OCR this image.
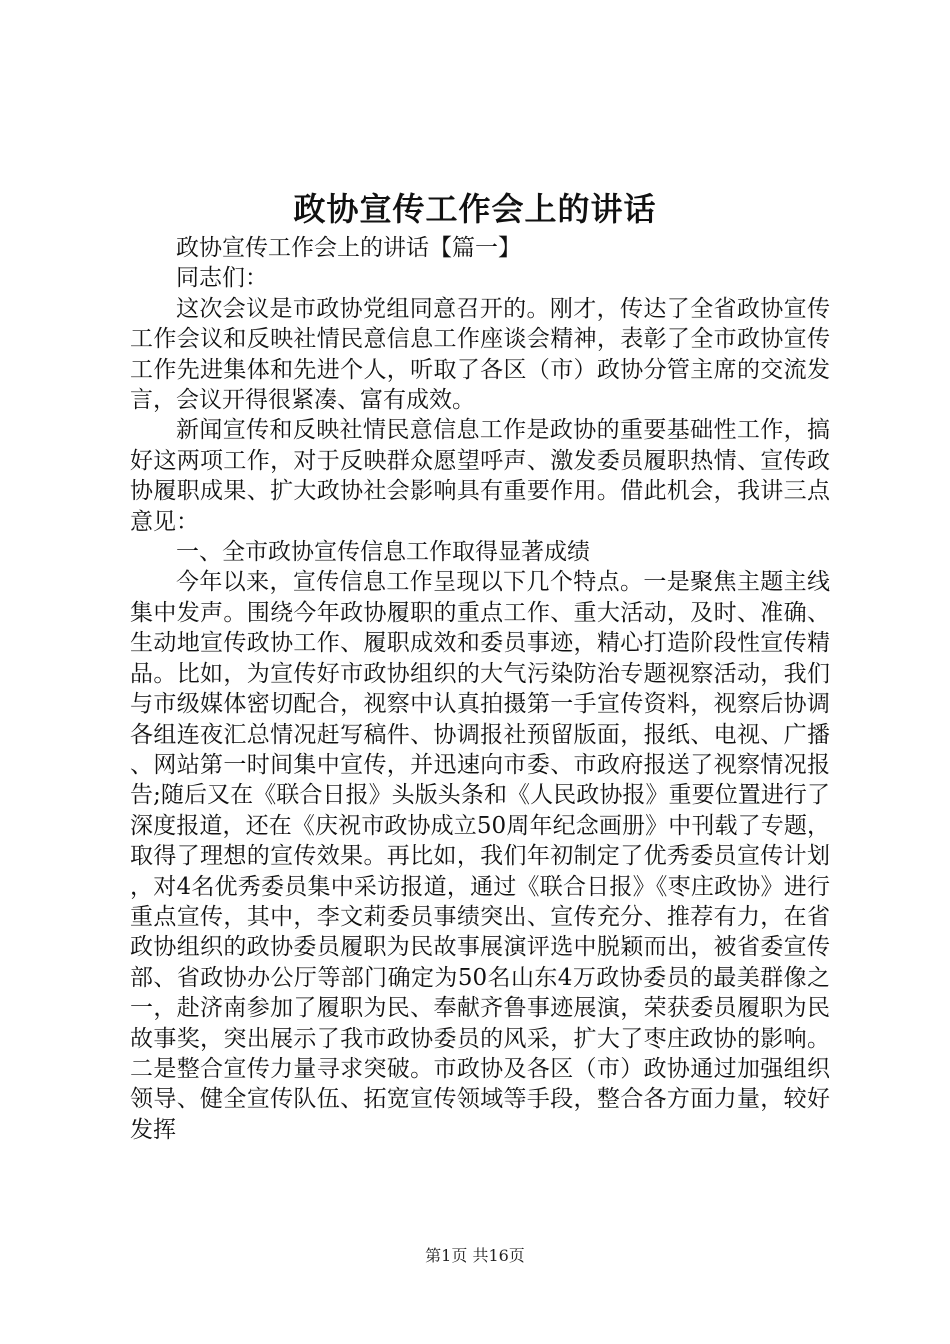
政协宣传工作会上的讲话

政协宣传工作会上的讲话【篇一】

同志们：

这次会议是市政协党组同意召开的。刚才，传达了全省政协宣传工作会议和反映社情民意信息工作座谈会精神，表彰了全市政协宣传工作先进集体和先进个人，听取了各区（市）政协分管主席的交流发言，会议开得很紧凑、富有成效。

新闻宣传和反映社情民意信息工作是政协的重要基础性工作，搞好这两项工作，对于反映群众愿望呼声、激发委员履职热情、宣传政协履职成果、扩大政协社会影响具有重要作用。借此机会，我讲三点意见：

一、全市政协宣传信息工作取得显著成绩

今年以来，宣传信息工作呈现以下几个特点。一是聚焦主题主线集中发声。围绕今年政协履职的重点工作、重大活动，及时、准确、生动地宣传政协工作、履职成效和委员事迹，精心打造阶段性宣传精品。比如，为宣传好市政协组织的大气污染防治专题视察活动，我们与市级媒体密切配合，视察中认真拍摄第一手宣传资料，视察后协调各组连夜汇总情况赶写稿件、协调报社预留版面，报纸、电视、广播、网站第一时间集中宣传，并迅速向市委、市政府报送了视察情况报告;随后又在《联合日报》头版头条和《人民政协报》重要位置进行了深度报道，还在《庆祝市政协成立50周年纪念画册》中刊载了专题，取得了理想的宣传效果。再比如，我们年初制定了优秀委员宣传计划，对4名优秀委员集中采访报道，通过《联合日报》《枣庄政协》进行重点宣传，其中，李文莉委员事绩突出、宣传充分、推荐有力，在省政协组织的政协委员履职为民故事展演评选中脱颖而出，被省委宣传部、省政协办公厅等部门确定为50名山东4万政协委员的最美群像之一，赴济南参加了履职为民、奉献齐鲁事迹展演，荣获委员履职为民故事奖，突出展示了我市政协委员的风采，扩大了枣庄政协的影响。二是整合宣传力量寻求突破。市政协及各区（市）政协通过加强组织领导、健全宣传队伍、拓宽宣传领域等手段，整合各方面力量，较好发挥

第1页 共16页
